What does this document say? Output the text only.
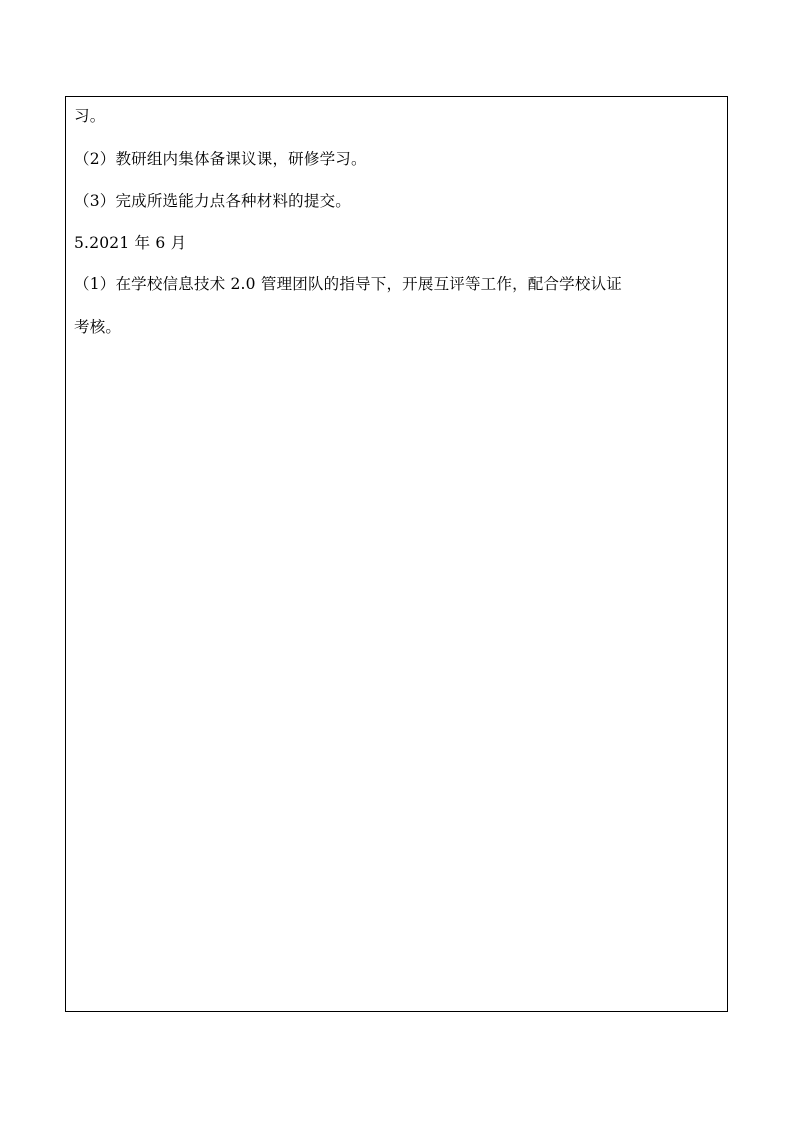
习。
（2）教研组内集体备课议课，研修学习。
（3）完成所选能力点各种材料的提交。
5.2021 年 6 月
（1）在学校信息技术 2.0 管理团队的指导下，开展互评等工作，配合学校认证
考核。
